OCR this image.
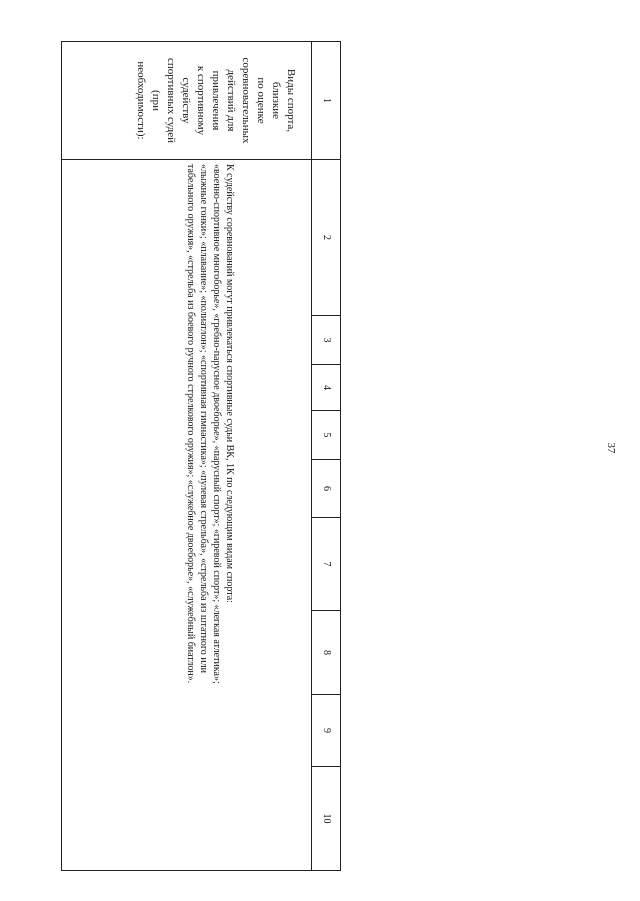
37
1
2
3
4
5
6
7
8
9
10
Виды спорта,
близкие
по оценке
соревновательных
действий для
привлечения
к спортивному
судейству
спортивных судей
(при
необходимости):

К судейству соревнований могут привлекаться спортивные судьи ВК, 1К по следующим видам спорта:

«военно-спортивное многоборье», «гребно-парусное двоеборье», «парусный спорт»; «гиревой спорт»; «легкая атлетика»;

«лыжные гонки»; «плавание»; «полиатлон»; «спортивная гимнастика»; «пулевая стрельба», «стрельба из штатного или

табельного оружия», «стрельба из боевого ручного стрелкового оружия»; «служебное двоеборье», «служебный биатлон».
